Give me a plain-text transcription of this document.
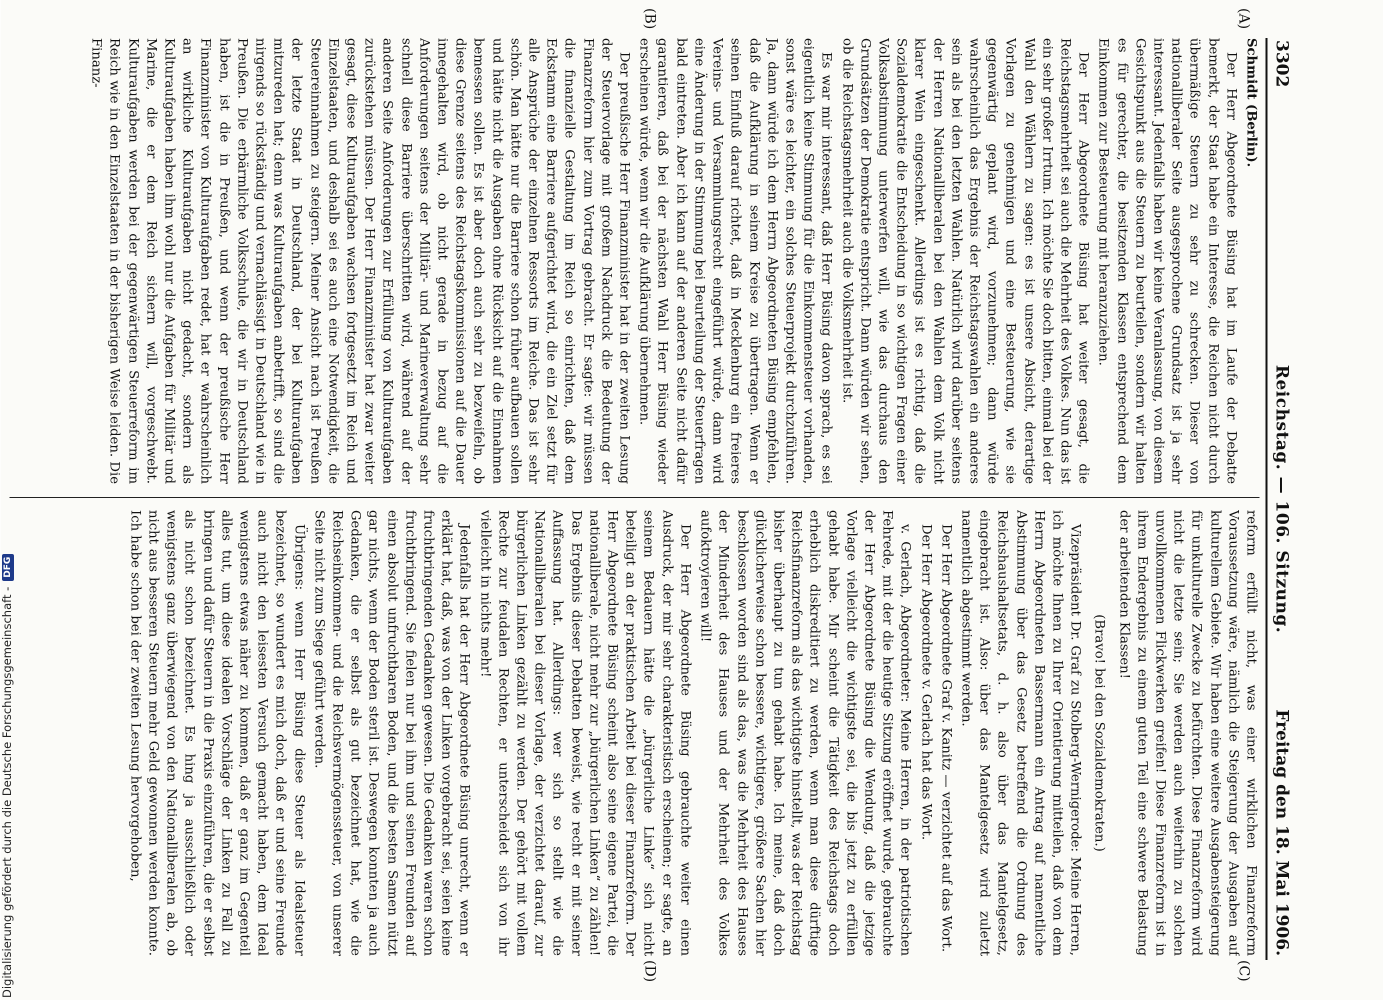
3302
Reichstag. — 106. Sitzung.
Freitag den 18. Mai 1906.

Schmidt (Berlin).

Der Herr Abgeordnete Büsing hat im Laufe der Debatte bemerkt, der Staat habe ein Interesse, die Reichen nicht durch übermäßige Steuern zu sehr zu schrecken. Dieser von nationalliberaler Seite ausgesprochene Grundsatz ist ja sehr interessant. Jedenfalls haben wir keine Veranlassung, von diesem Gesichtspunkt aus die Steuern zu beurteilen, sondern wir halten es für gerechter, die besitzenden Klassen entsprechend dem Einkommen zur Besteuerung mit heranzuziehen.

Der Herr Abgeordnete Büsing hat weiter gesagt, die Reichstagsmehrheit sei auch die Mehrheit des Volkes. Nun das ist ein sehr großer Irrtum. Ich möchte Sie doch bitten, einmal bei der Wahl den Wählern zu sagen: es ist unsere Absicht, derartige Vorlagen zu genehmigen und eine Besteuerung, wie sie gegenwärtig geplant wird, vorzunehmen; dann würde wahrscheinlich das Ergebnis der Reichstagswahlen ein anderes sein als bei den letzten Wahlen. Natürlich wird darüber seitens der Herren Nationalliberalen bei den Wahlen dem Volk nicht klarer Wein eingeschenkt. Allerdings ist es richtig, daß die Sozialdemokratie die Entscheidung in so wichtigen Fragen einer Volksabstimmung unterwerfen will, wie das durchaus den Grundsätzen der Demokratie entspricht. Dann würden wir sehen, ob die Reichstagsmehrheit auch die Volksmehrheit ist.

Es war mir interessant, daß Herr Büsing davon sprach, es sei eigentlich keine Stimmung für die Einkommensteuer vorhanden, sonst wäre es leichter, ein solches Steuerprojekt durchzuführen. Ja, dann würde ich dem Herrn Abgeordneten Büsing empfehlen, daß die Aufklärung in seinem Kreise zu übertragen. Wenn er seinen Einfluß darauf richtet, daß in Mecklenburg ein freieres Vereins- und Versammlungsrecht eingeführt würde, dann wird eine Änderung in der Stimmung bei Beurteilung der Steuerfragen bald eintreten. Aber ich kann auf der anderen Seite nicht dafür garantieren, daß bei der nächsten Wahl Herr Büsing wieder erscheinen würde, wenn wir die Aufklärung übernehmen.

Der preußische Herr Finanzminister hat in der zweiten Lesung der Steuervorlage mit großem Nachdruck die Bedeutung der Finanzreform hier zum Vortrag gebracht. Er sagte: wir müssen die finanzielle Gestaltung im Reich so einrichten, daß dem Eckstamm eine Barriere aufgerichtet wird, die ein Ziel setzt für alle Ansprüche der einzelnen Ressorts im Reiche. Das ist sehr schön. Man hätte nur die Barriere schon früher aufbauen sollen und hätte nicht die Ausgaben ohne Rücksicht auf die Einnahmen bemessen sollen. Es ist aber doch auch sehr zu bezweifeln, ob diese Grenze seitens des Reichstagskommissionen auf die Dauer innegehalten wird, ob nicht gerade in bezug auf die Anforderungen seitens der Militär- und Marineverwaltung sehr schnell diese Barriere überschritten wird, während auf der anderen Seite Anforderungen zur Erfüllung von Kulturaufgaben zurückstehen müssen. Der Herr Finanzminister hat zwar weiter gesagt, diese Kulturaufgaben wachsen fortgesetzt im Reich und Einzelstaaten, und deshalb sei es auch eine Notwendigkeit, die Steuereinnahmen zu steigern. Meiner Ansicht nach ist Preußen der letzte Staat in Deutschland, der bei Kulturaufgaben mitzureden hat; denn was Kulturaufgaben anbetrifft, so sind die nirgends so rückständig und vernachlässigt in Deutschland wie in Preußen. Die erbärmliche Volksschule, die wir in Deutschland haben, ist die in Preußen, und wenn der preußische Herr Finanzminister von Kulturaufgaben redet, hat er wahrscheinlich an wirkliche Kulturaufgaben nicht gedacht, sondern als Kulturaufgaben haben ihm wohl nur die Aufgaben für Militär und Marine, die er dem Reich sichern will, vorgeschwebt. Kulturaufgaben werden bei der gegenwärtigen Steuerreform im Reich wie in den Einzelstaaten in der bisherigen Weise leiden. Die Finanz-

reform erfüllt nicht, was einer wirklichen Finanzreform Voraussetzung wäre, nämlich die Steigerung der Ausgaben auf kulturellem Gebiete. Wir haben eine weitere Ausgabensteigerung für unkulturelle Zwecke zu befürchten. Diese Finanzreform wird nicht die letzte sein; Sie werden auch weiterhin zu solchen unvollkommenen Flickwerken greifen! Diese Finanzreform ist in ihrem Endergebnis zu einem guten Teil eine schwere Belastung der arbeitenden Klassen!

(Bravo! bei den Sozialdemokraten.)

Vizepräsident Dr. Graf zu Stolberg-Wernigerode: Meine Herren, ich möchte Ihnen zu Ihrer Orientierung mitteilen, daß von dem Herrn Abgeordneten Bassermann ein Antrag auf namentliche Abstimmung über das Gesetz betreffend die Ordnung des Reichshaushaltsetats, d. h. also über das Mantelgesetz, eingebracht ist. Also: über das Mantelgesetz wird zuletzt namentlich abgestimmt werden.

Der Herr Abgeordnete Graf v. Kanitz — verzichtet auf das Wort.

Der Herr Abgeordnete v. Gerlach hat das Wort.

v. Gerlach, Abgeordneter: Meine Herren, in der patriotischen Fehrede, mit der die heutige Sitzung eröffnet wurde, gebrauchte der Herr Abgeordnete Büsing die Wendung, daß die jetzige Vorlage vielleicht die wichtigste sei, die bis jetzt zu erfüllen gehabt habe. Mir scheint die Tätigkeit des Reichstags doch erheblich diskreditiert zu werden, wenn man diese dürftige Reichsfinanzreform als das wichtigste hinstellt, was der Reichstag bisher überhaupt zu tun gehabt habe. Ich meine, daß doch glücklicherweise schon bessere, wichtigere, größere Sachen hier beschlossen worden sind als das, was die Mehrheit des Hauses der Minderheit des Hauses und der Mehrheit des Volkes aufoktroyieren will!

Der Herr Abgeordnete Büsing gebrauchte weiter einen Ausdruck, der mir sehr charakteristisch erscheinen; er sagte, an seinem Bedauern hätte die „bürgerliche Linke“ sich nicht beteiligt an der praktischen Arbeit bei dieser Finanzreform. Der Herr Abgeordnete Büsing scheint also seine eigene Partei, die nationalliberale, nicht mehr zur „bürgerlichen Linken“ zu zählen! Das Ergebnis dieser Debatten beweist, wie recht er mit seiner Auffassung hat. Allerdings: wer sich so stellt wie die Nationalliberalen bei dieser Vorlage, der verzichtet darauf, zur bürgerlichen Linken gezählt zu werden. Der gehört mit vollem Rechte zur feudalen Rechten, er unterscheidet sich von ihr vielleicht in nichts mehr!

Jedenfalls hat der Herr Abgeordnete Büsing unrecht, wenn er erklärt hat, daß, was von der Linken vorgebracht sei, seien keine fruchtbringenden Gedanken gewesen. Die Gedanken waren schon fruchtbringend. Sie fielen nur bei ihm und seinen Freunden auf einen absolut unfruchtbaren Boden, und die besten Samen nützt gar nichts, wenn der Boden steril ist. Deswegen konnten ja auch Gedanken, die er selbst als gut bezeichnet hat, wie die Reichseinkommen- und die Reichsvermögenssteuer, von unserer Seite nicht zum Siege geführt werden.

Übrigens: wenn Herr Büsing diese Steuer als Idealsteuer bezeichnet, so wundert es mich doch, daß er und seine Freunde auch nicht den leisesten Versuch gemacht haben, dem Ideal wenigstens etwas näher zu kommen, daß er ganz im Gegenteil alles tut, um diese idealen Vorschläge der Linken zu Fall zu bringen und dafür Steuern in die Praxis einzuführen, die er selbst als nicht schon bezeichnet. Es hing ja ausschließlich oder wenigstens ganz überwiegend von den Nationalliberalen ab, ob nicht aus besseren Steuern mehr Geld gewonnen werden konnte. Ich habe schon bei der zweiten Lesung hervorgehoben,

(A)
(B)
(C)
(D)
Digitalisierung gefördert durch die Deutsche Forschungsgemeinschaft -DFG
